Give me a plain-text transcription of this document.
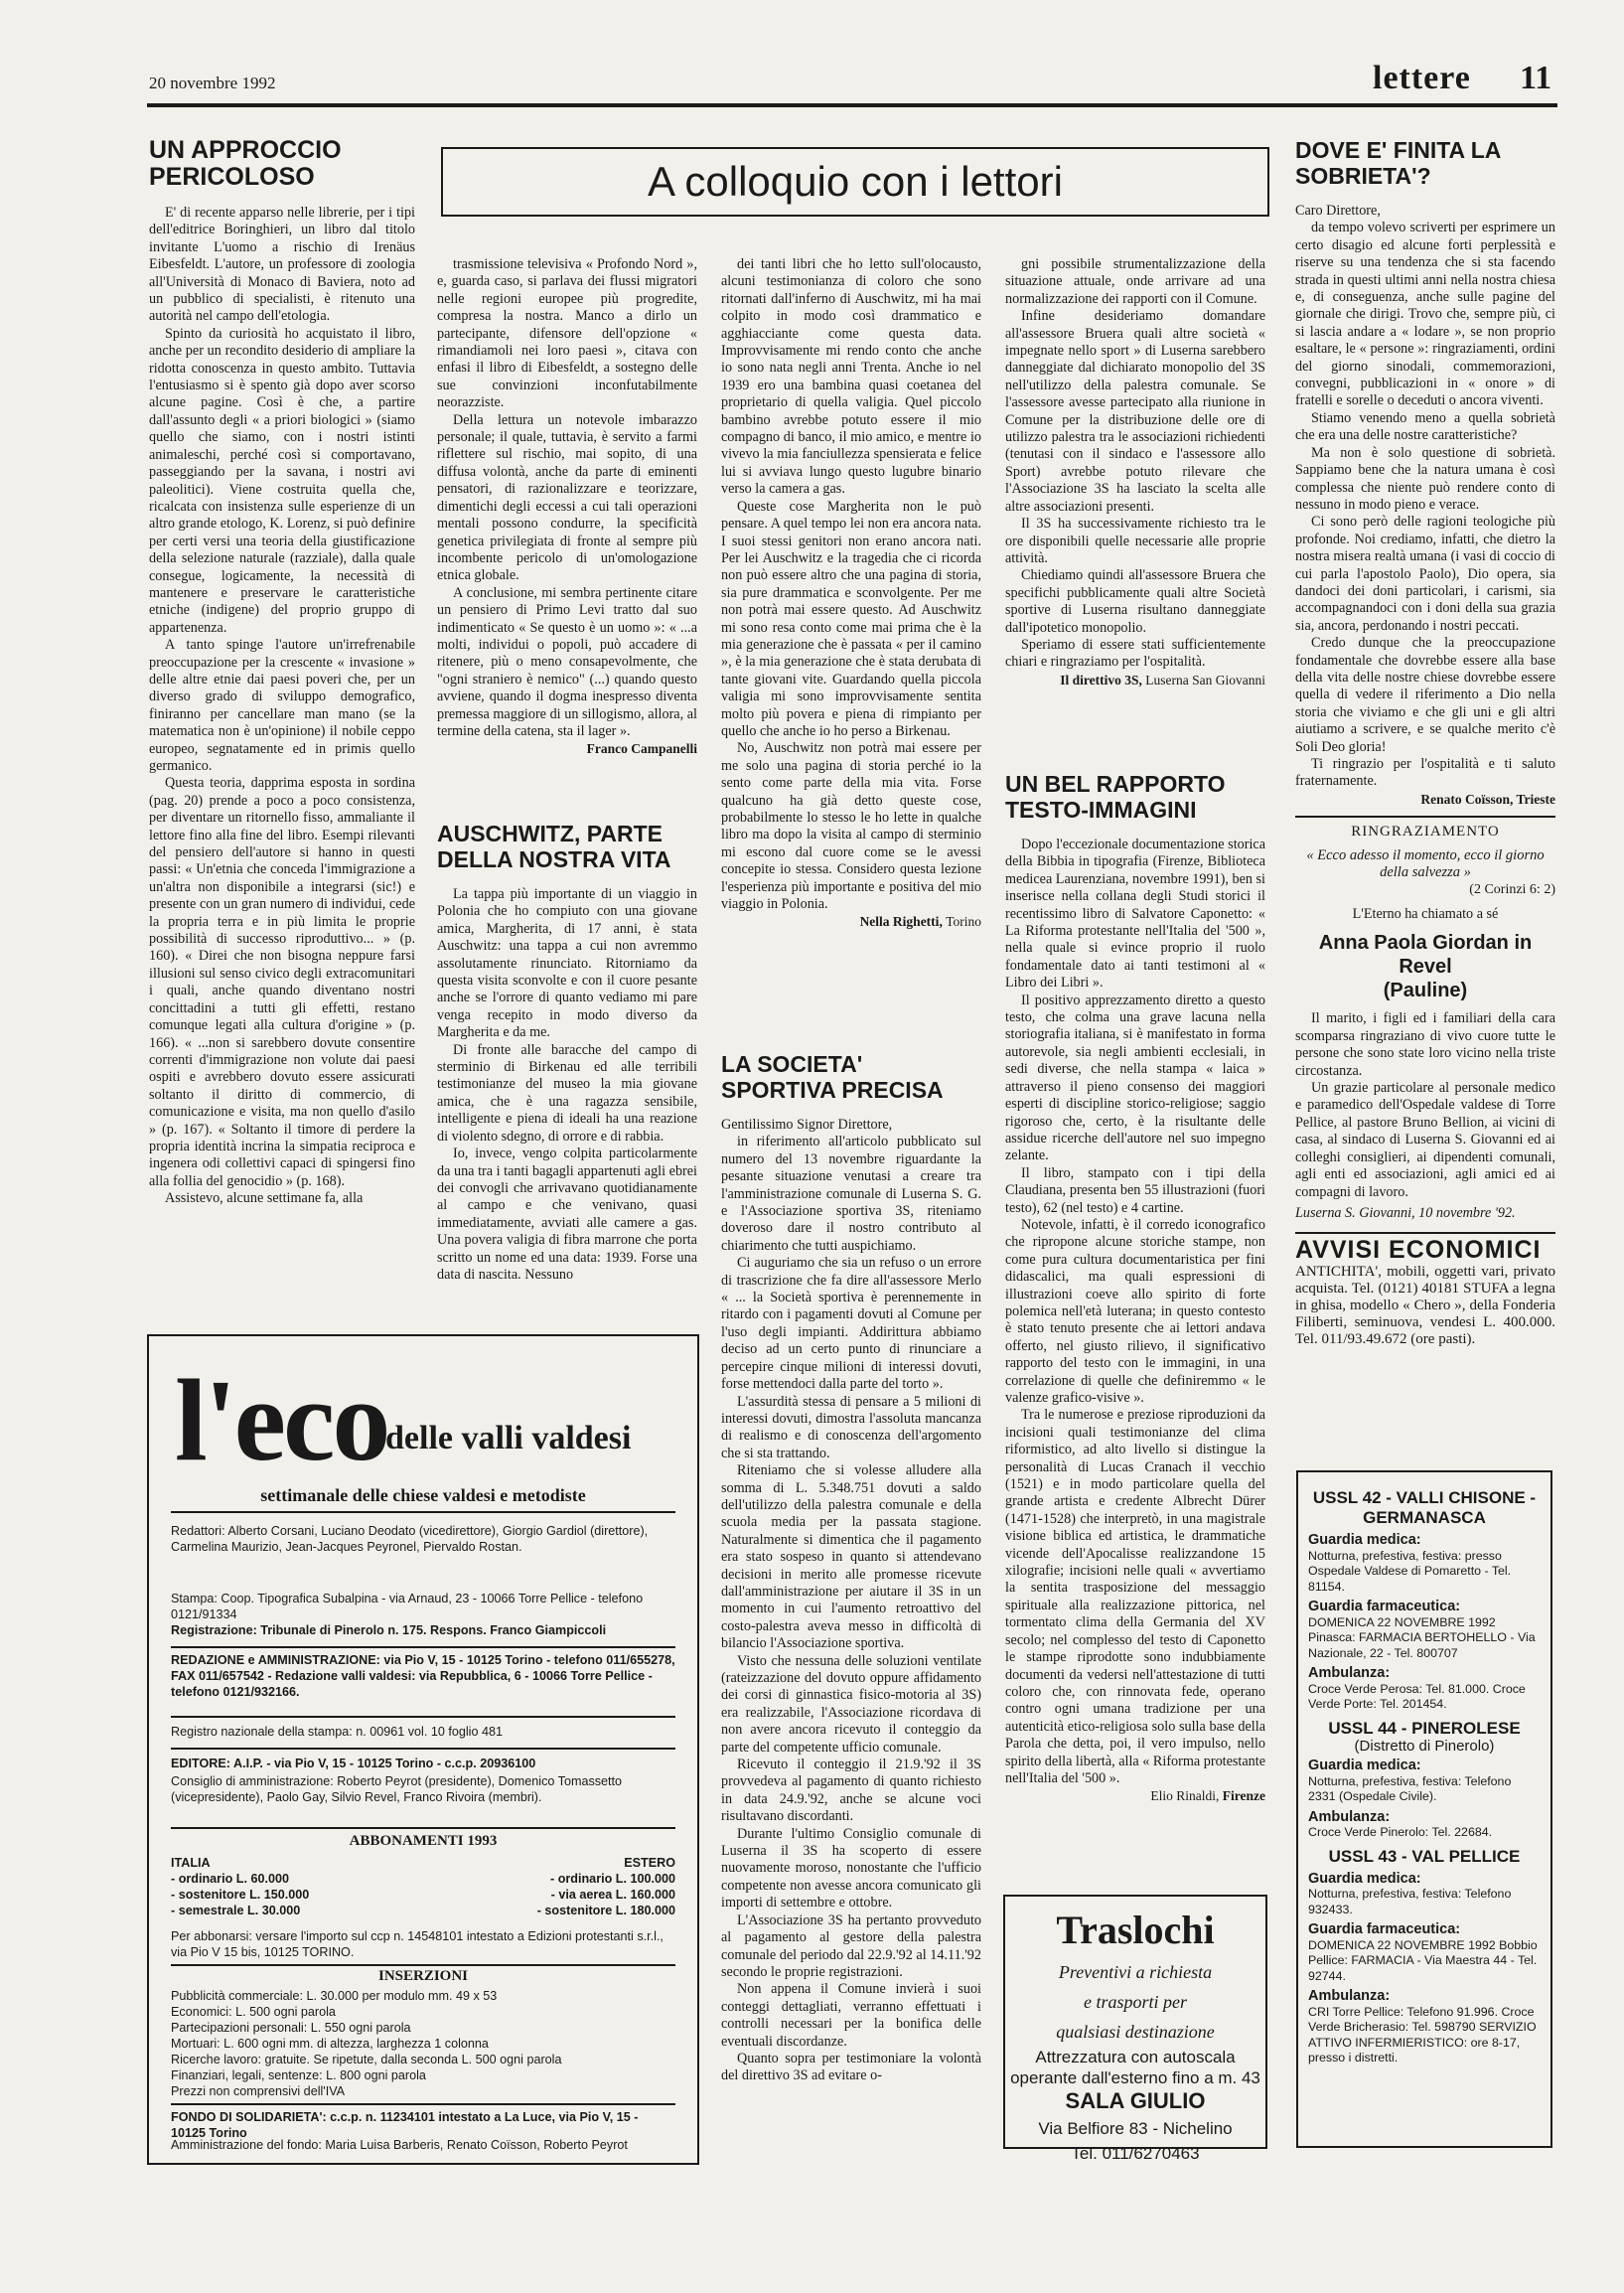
20 novembre 1992	lettere 11
A colloquio con i lettori
UN APPROCCIO PERICOLOSO

E' di recente apparso nelle librerie, per i tipi dell'editrice Boringhieri, un libro dal titolo invitante L'uomo a rischio di Irenäus Eibesfeldt. L'autore, un professore di zoologia all'Università di Monaco di Baviera, noto ad un pubblico di specialisti, è ritenuto una autorità nel campo dell'etologia.

Spinto da curiosità ho acquistato il libro, anche per un recondito desiderio di ampliare la ridotta conoscenza in questo ambito. Tuttavia l'entusiasmo si è spento già dopo aver scorso alcune pagine. Così è che, a partire dall'assunto degli « a priori biologici » (siamo quello che siamo, con i nostri istinti animaleschi, perché così si comportavano, passeggiando per la savana, i nostri avi paleolitici). Viene costruita quella che, ricalcata con insistenza sulle esperienze di un altro grande etologo, K. Lorenz, si può definire per certi versi una teoria della giustificazione della selezione naturale (razziale), dalla quale consegue, logicamente, la necessità di mantenere e preservare le caratteristiche etniche (indigene) del proprio gruppo di appartenenza.

A tanto spinge l'autore un'irrefrenabile preoccupazione per la crescente « invasione » delle altre etnie dai paesi poveri che, per un diverso grado di sviluppo demografico, finiranno per cancellare man mano (se la matematica non è un'opinione) il nobile ceppo europeo, segnatamente ed in primis quello germanico.

Questa teoria, dapprima esposta in sordina (pag. 20) prende a poco a poco consistenza, per diventare un ritornello fisso, ammaliante il lettore fino alla fine del libro. Esempi rilevanti del pensiero dell'autore si hanno in questi passi: « Un'etnia che conceda l'immigrazione a un'altra non disponibile a integrarsi (sic!) e presente con un gran numero di individui, cede la propria terra e in più limita le proprie possibilità di successo riproduttivo... » (p. 160). « Direi che non bisogna neppure farsi illusioni sul senso civico degli extracomunitari i quali, anche quando diventano nostri concittadini a tutti gli effetti, restano comunque legati alla cultura d'origine » (p. 166). « ...non si sarebbero dovute consentire correnti d'immigrazione non volute dai paesi ospiti e avrebbero dovuto essere assicurati soltanto il diritto di commercio, di comunicazione e visita, ma non quello d'asilo » (p. 167). « Soltanto il timore di perdere la propria identità incrina la simpatia reciproca e ingenera odi collettivi capaci di spingersi fino alla follia del genocidio » (p. 168).

Assistevo, alcune settimane fa, alla

trasmissione televisiva « Profondo Nord », e, guarda caso, si parlava dei flussi migratori nelle regioni europee più progredite, compresa la nostra. Manco a dirlo un partecipante, difensore dell'opzione « rimandiamoli nei loro paesi », citava con enfasi il libro di Eibesfeldt, a sostegno delle sue convinzioni inconfutabilmente neorazziste.

Della lettura un notevole imbarazzo personale; il quale, tuttavia, è servito a farmi riflettere sul rischio, mai sopito, di una diffusa volontà, anche da parte di eminenti pensatori, di razionalizzare e teorizzare, dimentichi degli eccessi a cui tali operazioni mentali possono condurre, la specificità genetica privilegiata di fronte al sempre più incombente pericolo di un'omologazione etnica globale.

A conclusione, mi sembra pertinente citare un pensiero di Primo Levi tratto dal suo indimenticato « Se questo è un uomo »: « ...a molti, individui o popoli, può accadere di ritenere, più o meno consapevolmente, che "ogni straniero è nemico" (...) quando questo avviene, quando il dogma inespresso diventa premessa maggiore di un sillogismo, allora, al termine della catena, sta il lager ».

Franco Campanelli

AUSCHWITZ, PARTE DELLA NOSTRA VITA

La tappa più importante di un viaggio in Polonia che ho compiuto con una giovane amica, Margherita, di 17 anni, è stata Auschwitz: una tappa a cui non avremmo assolutamente rinunciato. Ritorniamo da questa visita sconvolte e con il cuore pesante anche se l'orrore di quanto vediamo mi pare venga recepito in modo diverso da Margherita e da me.

Di fronte alle baracche del campo di sterminio di Birkenau ed alle terribili testimonianze del museo la mia giovane amica, che è una ragazza sensibile, intelligente e piena di ideali ha una reazione di violento sdegno, di orrore e di rabbia.

Io, invece, vengo colpita particolarmente da una tra i tanti bagagli appartenuti agli ebrei dei convogli che arrivavano quotidianamente al campo e che venivano, quasi immediatamente, avviati alle camere a gas. Una povera valigia di fibra marrone che porta scritto un nome ed una data: 1939. Forse una data di nascita. Nessuno

dei tanti libri che ho letto sull'olocausto, alcuni testimonianza di coloro che sono ritornati dall'inferno di Auschwitz, mi ha mai colpito in modo così drammatico e agghiacciante come questa data. Improvvisamente mi rendo conto che anche io sono nata negli anni Trenta. Anche io nel 1939 ero una bambina quasi coetanea del proprietario di quella valigia. Quel piccolo bambino avrebbe potuto essere il mio compagno di banco, il mio amico, e mentre io vivevo la mia fanciullezza spensierata e felice lui si avviava lungo questo lugubre binario verso la camera a gas.

Queste cose Margherita non le può pensare. A quel tempo lei non era ancora nata. I suoi stessi genitori non erano ancora nati. Per lei Auschwitz e la tragedia che ci ricorda non può essere altro che una pagina di storia, sia pure drammatica e sconvolgente. Per me non potrà mai essere questo. Ad Auschwitz mi sono resa conto come mai prima che è la mia generazione che è passata « per il camino », è la mia generazione che è stata derubata di tante giovani vite. Guardando quella piccola valigia mi sono improvvisamente sentita molto più povera e piena di rimpianto per quello che anche io ho perso a Birkenau.

No, Auschwitz non potrà mai essere per me solo una pagina di storia perché io la sento come parte della mia vita. Forse qualcuno ha già detto queste cose, probabilmente lo stesso le ho lette in qualche libro ma dopo la visita al campo di sterminio mi escono dal cuore come se le avessi concepite io stessa. Considero questa lezione l'esperienza più importante e positiva del mio viaggio in Polonia.

Nella Righetti, Torino

LA SOCIETA' SPORTIVA PRECISA

Gentilissimo Signor Direttore,

in riferimento all'articolo pubblicato sul numero del 13 novembre riguardante la pesante situazione venutasi a creare tra l'amministrazione comunale di Luserna S. G. e l'Associazione sportiva 3S, riteniamo doveroso dare il nostro contributo al chiarimento che tutti auspichiamo.

Ci auguriamo che sia un refuso o un errore di trascrizione che fa dire all'assessore Merlo « ... la Società sportiva è perennemente in ritardo con i pagamenti dovuti al Comune per l'uso degli impianti. Addirittura abbiamo deciso ad un certo punto di rinunciare a percepire cinque milioni di interessi dovuti, forse mettendoci dalla parte del torto ».

L'assurdità stessa di pensare a 5 milioni di interessi dovuti, dimostra l'assoluta mancanza di realismo e di conoscenza dell'argomento che si sta trattando.

Riteniamo che si volesse alludere alla somma di L. 5.348.751 dovuti a saldo dell'utilizzo della palestra comunale e della scuola media per la passata stagione. Naturalmente si dimentica che il pagamento era stato sospeso in quanto si attendevano decisioni in merito alle promesse ricevute dall'amministrazione per aiutare il 3S in un momento in cui l'aumento retroattivo del costo-palestra aveva messo in difficoltà di bilancio l'Associazione sportiva.

Visto che nessuna delle soluzioni ventilate (rateizzazione del dovuto oppure affidamento dei corsi di ginnastica fisico-motoria al 3S) era realizzabile, l'Associazione ricordava di non avere ancora ricevuto il conteggio da parte del competente ufficio comunale.

Ricevuto il conteggio il 21.9.'92 il 3S provvedeva al pagamento di quanto richiesto in data 24.9.'92, anche se alcune voci risultavano discordanti.

Durante l'ultimo Consiglio comunale di Luserna il 3S ha scoperto di essere nuovamente moroso, nonostante che l'ufficio competente non avesse ancora comunicato gli importi di settembre e ottobre.

L'Associazione 3S ha pertanto provveduto al pagamento al gestore della palestra comunale del periodo dal 22.9.'92 al 14.11.'92 secondo le proprie registrazioni.

Non appena il Comune invierà i suoi conteggi dettagliati, verranno effettuati i controlli necessari per la bonifica delle eventuali discordanze.

Quanto sopra per testimoniare la volontà del direttivo 3S ad evitare o-

gni possibile strumentalizzazione della situazione attuale, onde arrivare ad una normalizzazione dei rapporti con il Comune.

Infine desideriamo domandare all'assessore Bruera quali altre società « impegnate nello sport » di Luserna sarebbero danneggiate dal dichiarato monopolio del 3S nell'utilizzo della palestra comunale. Se l'assessore avesse partecipato alla riunione in Comune per la distribuzione delle ore di utilizzo palestra tra le associazioni richiedenti (tenutasi con il sindaco e l'assessore allo Sport) avrebbe potuto rilevare che l'Associazione 3S ha lasciato la scelta alle altre associazioni presenti.

Il 3S ha successivamente richiesto tra le ore disponibili quelle necessarie alle proprie attività.

Chiediamo quindi all'assessore Bruera che specifichi pubblicamente quali altre Società sportive di Luserna risultano danneggiate dall'ipotetico monopolio.

Speriamo di essere stati sufficientemente chiari e ringraziamo per l'ospitalità.

Il direttivo 3S, Luserna San Giovanni

UN BEL RAPPORTO TESTO-IMMAGINI

Dopo l'eccezionale documentazione storica della Bibbia in tipografia (Firenze, Biblioteca medicea Laurenziana, novembre 1991), ben si inserisce nella collana degli Studi storici il recentissimo libro di Salvatore Caponetto: « La Riforma protestante nell'Italia del '500 », nella quale si evince proprio il ruolo fondamentale dato ai tanti testimoni al « Libro dei Libri ».

Il positivo apprezzamento diretto a questo testo, che colma una grave lacuna nella storiografia italiana, si è manifestato in forma autorevole, sia negli ambienti ecclesiali, in sedi diverse, che nella stampa « laica » attraverso il pieno consenso dei maggiori esperti di discipline storico-religiose; saggio rigoroso che, certo, è la risultante delle assidue ricerche dell'autore nel suo impegno zelante.

Il libro, stampato con i tipi della Claudiana, presenta ben 55 illustrazioni (fuori testo), 62 (nel testo) e 4 cartine.

Notevole, infatti, è il corredo iconografico che ripropone alcune storiche stampe, non come pura cultura documentaristica per fini didascalici, ma quali espressioni di illustrazioni coeve allo spirito di forte polemica nell'età luterana; in questo contesto è stato tenuto presente che ai lettori andava offerto, nel giusto rilievo, il significativo rapporto del testo con le immagini, in una correlazione di quelle che definiremmo « le valenze grafico-visive ».

Tra le numerose e preziose riproduzioni da incisioni quali testimonianze del clima riformistico, ad alto livello si distingue la personalità di Lucas Cranach il vecchio (1521) e in modo particolare quella del grande artista e credente Albrecht Dürer (1471-1528) che interpretò, in una magistrale visione biblica ed artistica, le drammatiche vicende dell'Apocalisse realizzandone 15 xilografie; incisioni nelle quali « avvertiamo la sentita trasposizione del messaggio spirituale alla realizzazione pittorica, nel tormentato clima della Germania del XV secolo; nel complesso del testo di Caponetto le stampe riprodotte sono indubbiamente documenti da vedersi nell'attestazione di tutti coloro che, con rinnovata fede, operano contro ogni umana tradizione per una autenticità etico-religiosa solo sulla base della Parola che detta, poi, il vero impulso, nello spirito della libertà, alla « Riforma protestante nell'Italia del '500 ».

Elio Rinaldi, Firenze

Traslochi
Preventivi a richiesta
e trasporti per
qualsiasi destinazione
Attrezzatura con autoscala operante dall'esterno fino a m. 43
SALA GIULIO
Via Belfiore 83 - Nichelino
Tel. 011/6270463
DOVE E' FINITA LA SOBRIETA'?

Caro Direttore,

da tempo volevo scriverti per esprimere un certo disagio ed alcune forti perplessità e riserve su una tendenza che si sta facendo strada in questi ultimi anni nella nostra chiesa e, di conseguenza, anche sulle pagine del giornale che dirigi. Trovo che, sempre più, ci si lascia andare a « lodare », se non proprio esaltare, le « persone »: ringraziamenti, ordini del giorno sinodali, commemorazioni, convegni, pubblicazioni in « onore » di fratelli e sorelle o deceduti o ancora viventi.

Stiamo venendo meno a quella sobrietà che era una delle nostre caratteristiche?

Ma non è solo questione di sobrietà. Sappiamo bene che la natura umana è così complessa che niente può rendere conto di nessuno in modo pieno e verace.

Ci sono però delle ragioni teologiche più profonde. Noi crediamo, infatti, che dietro la nostra misera realtà umana (i vasi di coccio di cui parla l'apostolo Paolo), Dio opera, sia dandoci dei doni particolari, i carismi, sia accompagnandoci con i doni della sua grazia sia, ancora, perdonando i nostri peccati.

Credo dunque che la preoccupazione fondamentale che dovrebbe essere alla base della vita delle nostre chiese dovrebbe essere quella di vedere il riferimento a Dio nella storia che viviamo e che gli uni e gli altri aiutiamo a scrivere, e se qualche merito c'è Soli Deo gloria!

Ti ringrazio per l'ospitalità e ti saluto fraternamente.

Renato Coïsson, Trieste

RINGRAZIAMENTO
« Ecco adesso il momento, ecco il giorno della salvezza »
(2 Corinzi 6: 2)
L'Eterno ha chiamato a sé
Anna Paola Giordan in Revel
(Pauline)

Il marito, i figli ed i familiari della cara scomparsa ringraziano di vivo cuore tutte le persone che sono state loro vicino nella triste circostanza.

Un grazie particolare al personale medico e paramedico dell'Ospedale valdese di Torre Pellice, al pastore Bruno Bellion, ai vicini di casa, al sindaco di Luserna S. Giovanni ed ai colleghi consiglieri, ai dipendenti comunali, agli enti ed associazioni, agli amici ed ai compagni di lavoro.

Luserna S. Giovanni, 10 novembre '92.

AVVISI ECONOMICI

ANTICHITA', mobili, oggetti vari, privato acquista. Tel. (0121) 40181 STUFA a legna in ghisa, modello « Chero », della Fonderia Filiberti, seminuova, vendesi L. 400.000. Tel. 011/93.49.672 (ore pasti).

USSL 42 - VALLI CHISONE - GERMANASCA
Guardia medica:
Notturna, prefestiva, festiva: presso Ospedale Valdese di Pomaretto - Tel. 81154.
Guardia farmaceutica:
DOMENICA 22 NOVEMBRE 1992 Pinasca: FARMACIA BERTOHELLO - Via Nazionale, 22 - Tel. 800707
Ambulanza:
Croce Verde Perosa: Tel. 81.000. Croce Verde Porte: Tel. 201454.
USSL 44 - PINEROLESE
(Distretto di Pinerolo)
Guardia medica:
Notturna, prefestiva, festiva: Telefono 2331 (Ospedale Civile).
Ambulanza:
Croce Verde Pinerolo: Tel. 22684.
USSL 43 - VAL PELLICE
Guardia medica:
Notturna, prefestiva, festiva: Telefono 932433.
Guardia farmaceutica:
DOMENICA 22 NOVEMBRE 1992 Bobbio Pellice: FARMACIA - Via Maestra 44 - Tel. 92744.
Ambulanza:
CRI Torre Pellice: Telefono 91.996. Croce Verde Bricherasio: Tel. 598790 SERVIZIO ATTIVO INFERMIERISTICO: ore 8-17, presso i distretti.
l'eco
delle valli valdesi
settimanale delle chiese valdesi e metodiste
Redattori: Alberto Corsani, Luciano Deodato (vicedirettore), Giorgio Gardiol (direttore), Carmelina Maurizio, Jean-Jacques Peyronel, Piervaldo Rostan.
Stampa: Coop. Tipografica Subalpina - via Arnaud, 23 - 10066 Torre Pellice - telefono 0121/91334
Registrazione: Tribunale di Pinerolo n. 175. Respons. Franco Giampiccoli
REDAZIONE e AMMINISTRAZIONE: via Pio V, 15 - 10125 Torino - telefono 011/655278, FAX 011/657542 - Redazione valli valdesi: via Repubblica, 6 - 10066 Torre Pellice - telefono 0121/932166.
Registro nazionale della stampa: n. 00961 vol. 10 foglio 481
EDITORE: A.I.P. - via Pio V, 15 - 10125 Torino - c.c.p. 20936100
Consiglio di amministrazione: Roberto Peyrot (presidente), Domenico Tomassetto (vicepresidente), Paolo Gay, Silvio Revel, Franco Rivoira (membri).
ABBONAMENTI 1993
ITALIA	ESTERO
- ordinario L. 60.000	- ordinario L. 100.000
- sostenitore L. 150.000	- via aerea L. 160.000
- semestrale L. 30.000	- sostenitore L. 180.000
Per abbonarsi: versare l'importo sul ccp n. 14548101 intestato a Edizioni protestanti s.r.l., via Pio V 15 bis, 10125 TORINO.
INSERZIONI
Pubblicità commerciale: L. 30.000 per modulo mm. 49 x 53
Economici: L. 500 ogni parola
Partecipazioni personali: L. 550 ogni parola
Mortuari: L. 600 ogni mm. di altezza, larghezza 1 colonna
Ricerche lavoro: gratuite. Se ripetute, dalla seconda L. 500 ogni parola
Finanziari, legali, sentenze: L. 800 ogni parola
Prezzi non comprensivi dell'IVA
FONDO DI SOLIDARIETA': c.c.p. n. 11234101 intestato a La Luce, via Pio V, 15 - 10125 Torino
Amministrazione del fondo: Maria Luisa Barberis, Renato Coïsson, Roberto Peyrot
